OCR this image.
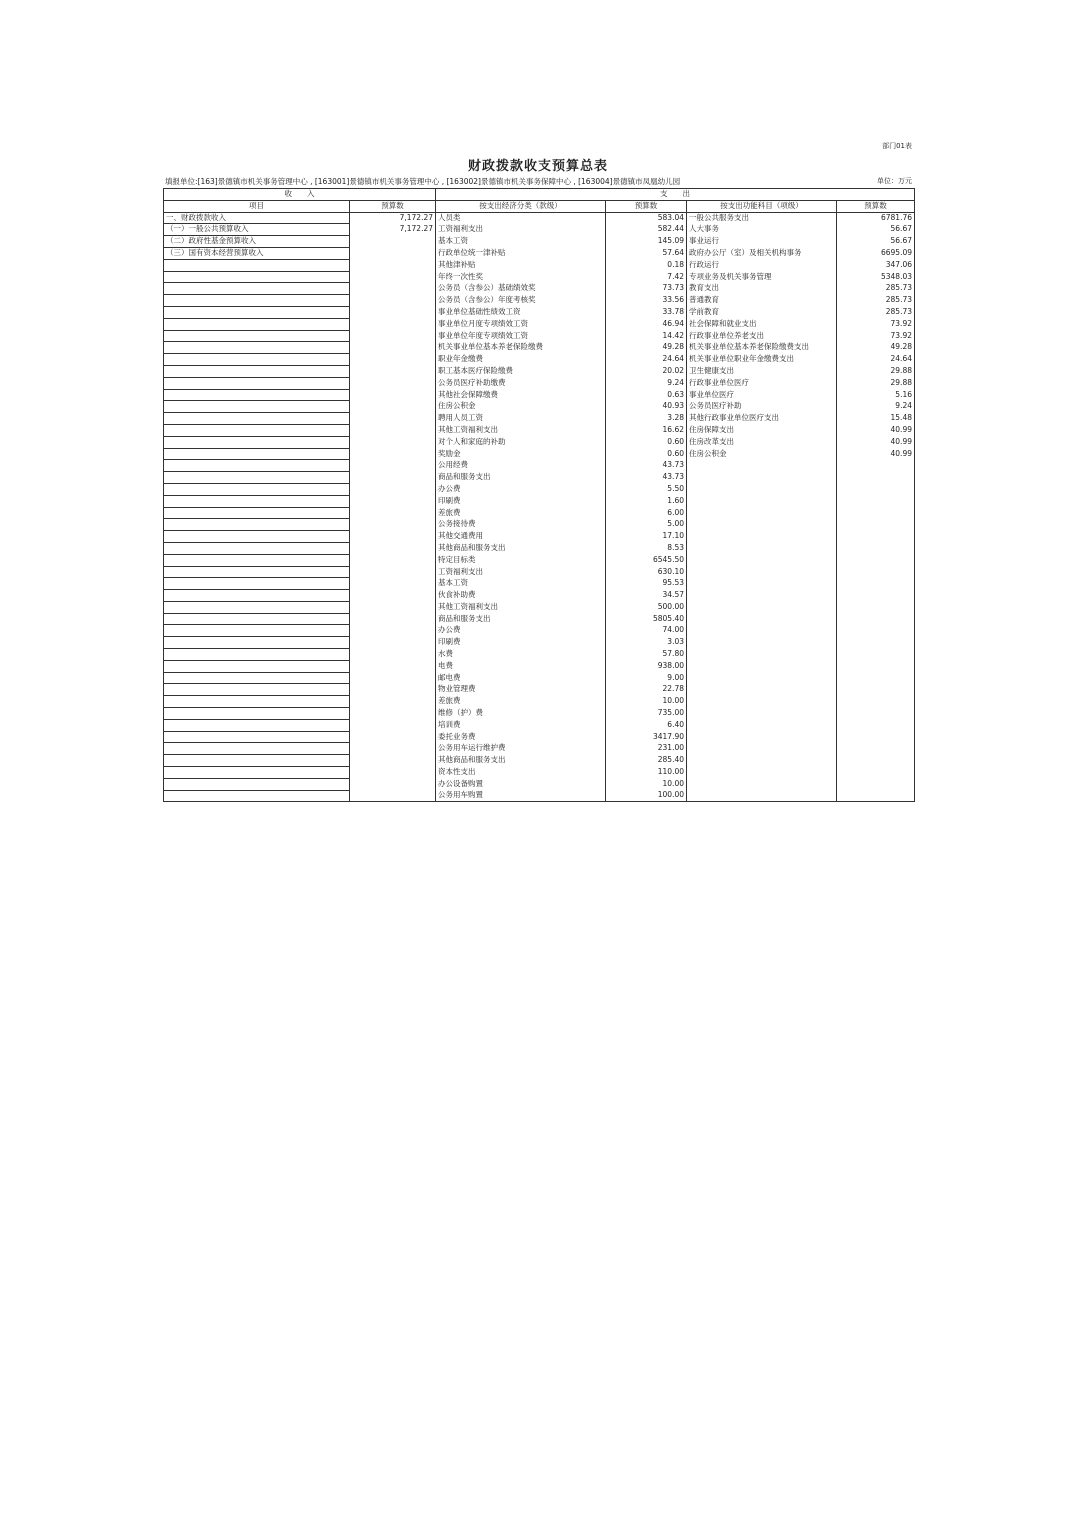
部门01表
财政拨款收支预算总表
填报单位:[163]景德镇市机关事务管理中心 , [163001]景德镇市机关事务管理中心 , [163002]景德镇市机关事务保障中心 , [163004]景德镇市凤凰幼儿园	单位：万元
收　　入		支　　出			
项目	预算数	按支出经济分类（款级）	预算数	按支出功能科目（项级）	预算数
一、财政拨款收入	7,172.27	人员类	583.04	一般公共服务支出	6781.76
（一）一般公共预算收入	7,172.27	工资福利支出	582.44	人大事务	56.67
（二）政府性基金预算收入		基本工资	145.09	事业运行	56.67
（三）国有资本经营预算收入		行政单位统一津补贴	57.64	政府办公厅（室）及相关机构事务	6695.09
		其他津补贴	0.18	行政运行	347.06
		年终一次性奖	7.42	专项业务及机关事务管理	5348.03
		公务员（含参公）基础绩效奖	73.73	教育支出	285.73
		公务员（含参公）年度考核奖	33.56	普通教育	285.73
		事业单位基础性绩效工资	33.78	学前教育	285.73
		事业单位月度专项绩效工资	46.94	社会保障和就业支出	73.92
		事业单位年度专项绩效工资	14.42	行政事业单位养老支出	73.92
		机关事业单位基本养老保险缴费	49.28	机关事业单位基本养老保险缴费支出	49.28
		职业年金缴费	24.64	机关事业单位职业年金缴费支出	24.64
		职工基本医疗保险缴费	20.02	卫生健康支出	29.88
		公务员医疗补助缴费	9.24	行政事业单位医疗	29.88
		其他社会保障缴费	0.63	事业单位医疗	5.16
		住房公积金	40.93	公务员医疗补助	9.24
		聘用人员工资	3.28	其他行政事业单位医疗支出	15.48
		其他工资福利支出	16.62	住房保障支出	40.99
		对个人和家庭的补助	0.60	住房改革支出	40.99
		奖励金	0.60	住房公积金	40.99
		公用经费	43.73		
		商品和服务支出	43.73		
		办公费	5.50		
		印刷费	1.60		
		差旅费	6.00		
		公务接待费	5.00		
		其他交通费用	17.10		
		其他商品和服务支出	8.53		
		特定目标类	6545.50		
		工资福利支出	630.10		
		基本工资	95.53		
		伙食补助费	34.57		
		其他工资福利支出	500.00		
		商品和服务支出	5805.40		
		办公费	74.00		
		印刷费	3.03		
		水费	57.80		
		电费	938.00		
		邮电费	9.00		
		物业管理费	22.78		
		差旅费	10.00		
		维修（护）费	735.00		
		培训费	6.40		
		委托业务费	3417.90		
		公务用车运行维护费	231.00		
		其他商品和服务支出	285.40		
		资本性支出	110.00		
		办公设备购置	10.00		
		公务用车购置	100.00		
